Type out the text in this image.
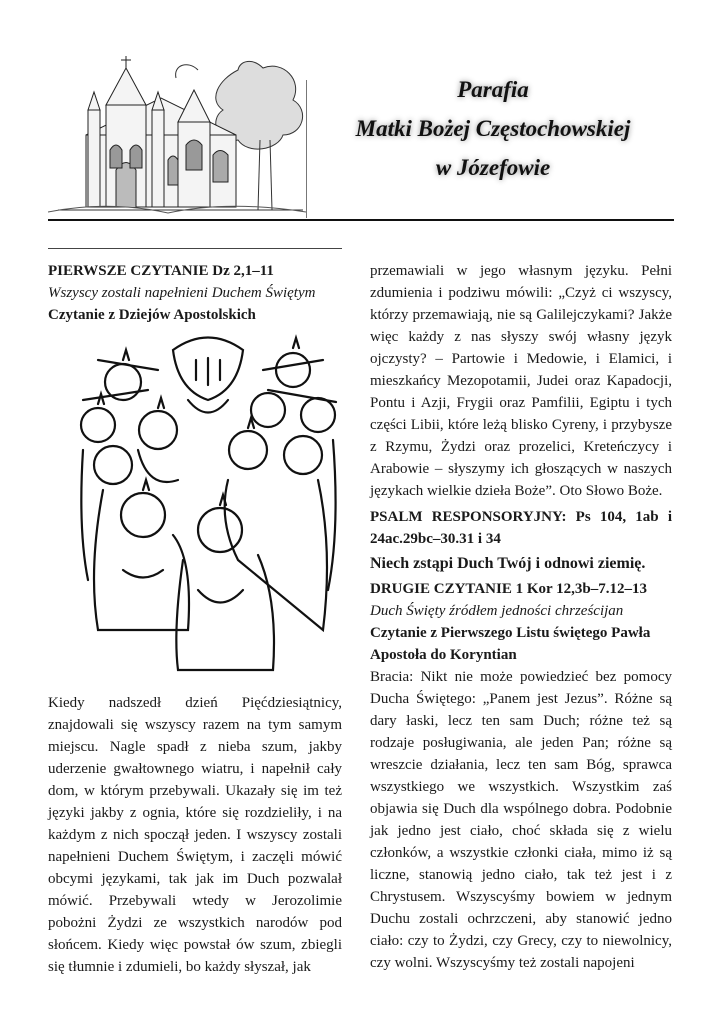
Parafia
Matki Bożej Częstochowskiej
w Józefowie

PIERWSZE CZYTANIE Dz 2,1–11

Wszyscy zostali napełnieni Duchem Świętym

Czytanie z Dziejów Apostolskich

Kiedy nadszedł dzień Pięćdziesiątnicy, znajdowali się wszyscy razem na tym samym miejscu. Nagle spadł z nieba szum, jakby uderzenie gwałtownego wiatru, i napełnił cały dom, w którym przebywali. Ukazały się im też języki jakby z ognia, które się rozdzieliły, i na każdym z nich spoczął jeden. I wszyscy zostali napełnieni Duchem Świętym, i zaczęli mówić obcymi językami, tak jak im Duch pozwalał mówić. Przebywali wtedy w Jerozolimie pobożni Żydzi ze wszystkich narodów pod słońcem. Kiedy więc powstał ów szum, zbiegli się tłumnie i zdumieli, bo każdy słyszał, jak

przemawiali w jego własnym języku. Pełni zdumienia i podziwu mówili: „Czyż ci wszyscy, którzy przemawiają, nie są Galilejczykami? Jakże więc każdy z nas słyszy swój własny język ojczysty? – Partowie i Medowie, i Elamici, i mieszkańcy Mezopotamii, Judei oraz Kapadocji, Pontu i Azji, Frygii oraz Pamfilii, Egiptu i tych części Libii, które leżą blisko Cyreny, i przybysze z Rzymu, Żydzi oraz prozelici, Kreteńczycy i Arabowie – słyszymy ich głoszących w naszych językach wielkie dzieła Boże”. Oto Słowo Boże.

PSALM RESPONSORYJNY: Ps 104, 1ab i 24ac.29bc–30.31 i 34

Niech zstąpi Duch Twój i odnowi ziemię.

DRUGIE CZYTANIE 1 Kor 12,3b–7.12–13

Duch Święty źródłem jedności chrześcijan

Czytanie z Pierwszego Listu świętego Pawła Apostoła do Koryntian

Bracia: Nikt nie może powiedzieć bez pomocy Ducha Świętego: „Panem jest Jezus”. Różne są dary łaski, lecz ten sam Duch; różne też są rodzaje posługiwania, ale jeden Pan; różne są wreszcie działania, lecz ten sam Bóg, sprawca wszystkiego we wszystkich. Wszystkim zaś objawia się Duch dla wspólnego dobra. Podobnie jak jedno jest ciało, choć składa się z wielu członków, a wszystkie członki ciała, mimo iż są liczne, stanowią jedno ciało, tak też jest i z Chrystusem. Wszyscyśmy bowiem w jednym Duchu zostali ochrzczeni, aby stanowić jedno ciało: czy to Żydzi, czy Grecy, czy to niewolnicy, czy wolni. Wszyscyśmy też zostali napojeni
